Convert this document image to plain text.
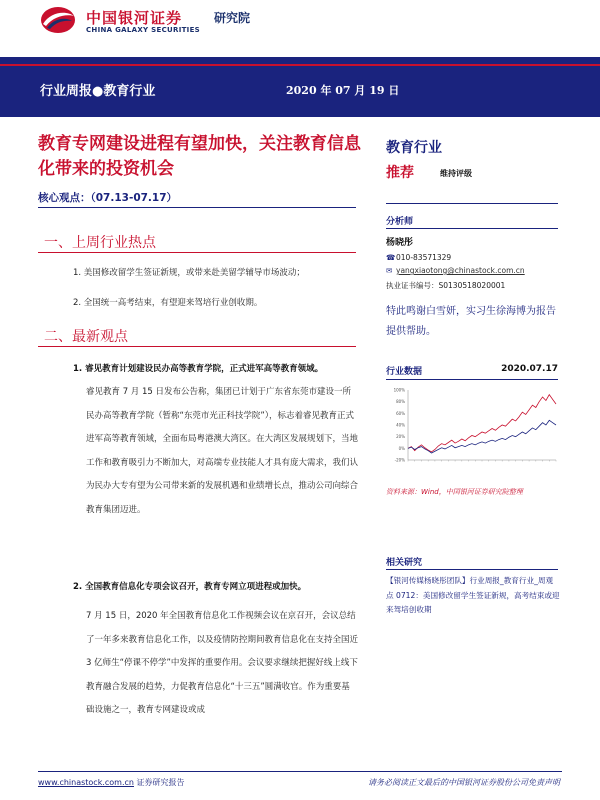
中国银河证券
CHINA GALAXY SECURITIES
研究院
行业周报●教育行业	2020 年 07 月 19 日
教育专网建设进程有望加快，关注教育信息化带来的投资机会
核心观点：（07.13-07.17）
一、上周行业热点
1. 美国修改留学生签证新规，或带来赴美留学辅导市场波动；
2. 全国统一高考结束，有望迎来驾培行业创收期。
二、最新观点
1. 睿见教育计划建设民办高等教育学院，正式进军高等教育领域。
睿见教育 7 月 15 日发布公告称，集团已计划于广东省东莞市建设一所民办高等教育学院（暂称“东莞市光正科技学院”），标志着睿见教育正式进军高等教育领域，全面布局粤港澳大湾区。在大湾区发展规划下，当地工作和教育吸引力不断加大，对高端专业技能人才具有庞大需求，我们认为民办大专有望为公司带来新的发展机遇和业绩增长点，推动公司向综合教育集团迈进。
2. 全国教育信息化专项会议召开，教育专网立项进程或加快。
7 月 15 日，2020 年全国教育信息化工作视频会议在京召开，会议总结了一年多来教育信息化工作，以及疫情防控期间教育信息化在支持全国近 3 亿师生“停课不停学”中发挥的重要作用。会议要求继续把握好线上线下教育融合发展的趋势，力促教育信息化“十三五”圆满收官。作为重要基础设施之一，教育专网建设或成
教育行业
推荐	维持评级
分析师
杨晓彤
☎010-83571329
✉ yangxiaotong@chinastock.com.cn
执业证书编号：S0130518020001
特此鸣谢白雪妍，实习生徐海博为报告提供帮助。
行业数据	2020.07.17
100%
80%
60%
40%
20%
0%
-20%
资料来源：Wind，中国银河证券研究院整理
相关研究
【银河传媒杨晓彤团队】行业周报_教育行业_周观点 0712：美国修改留学生签证新规，高考结束或迎来驾培创收期
www.chinastock.com.cn 证券研究报告	请务必阅读正文最后的中国银河证券股份公司免责声明
